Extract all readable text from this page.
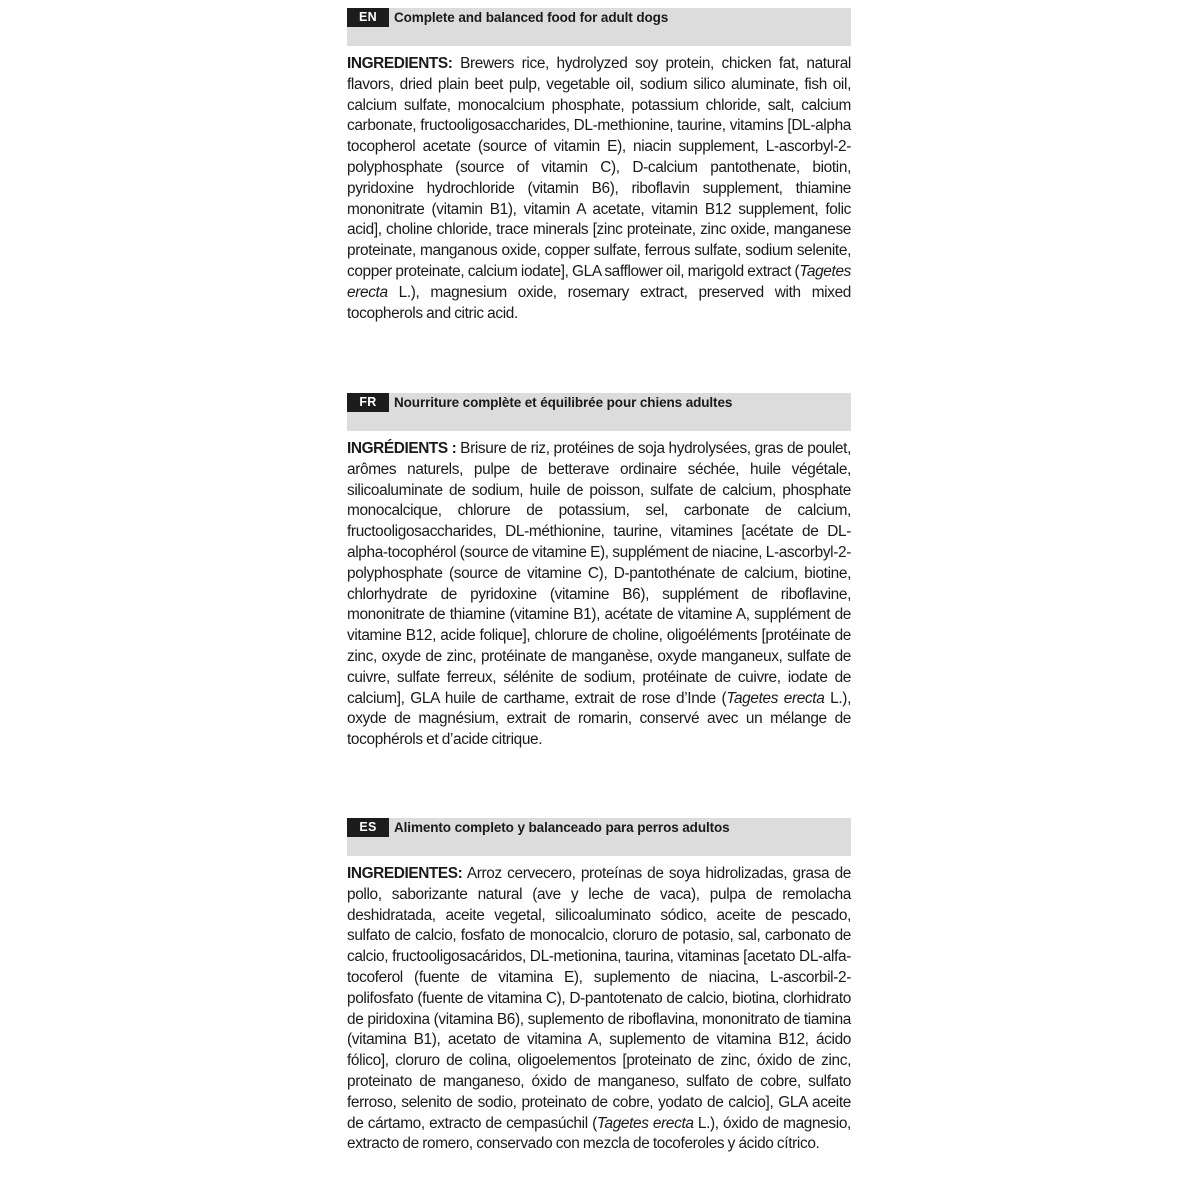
EN	Complete and balanced food for adult dogs

INGREDIENTS: Brewers rice, hydrolyzed soy protein, chicken fat, natural flavors, dried plain beet pulp, vegetable oil, sodium silico aluminate, fish oil, calcium sulfate, monocalcium phosphate, potassium chloride, salt, calcium carbonate, fructooligosaccharides, DL-methionine, taurine, vitamins [DL-alpha tocopherol acetate (source of vitamin E), niacin supplement, L-ascorbyl-2-polyphosphate (source of vitamin C), D-calcium pantothenate, biotin, pyridoxine hydrochloride (vitamin B6), riboflavin supplement, thiamine mononitrate (vitamin B1), vitamin A acetate, vitamin B12 supplement, folic acid], choline chloride, trace minerals [zinc proteinate, zinc oxide, manganese proteinate, manganous oxide, copper sulfate, ferrous sulfate, sodium selenite, copper proteinate, calcium iodate], GLA safflower oil, marigold extract (Tagetes erecta L.), magnesium oxide, rosemary extract, preserved with mixed tocopherols and citric acid.

FR	Nourriture complète et équilibrée pour chiens adultes

INGRÉDIENTS : Brisure de riz, protéines de soja hydrolysées, gras de poulet, arômes naturels, pulpe de betterave ordinaire séchée, huile végétale, silicoaluminate de sodium, huile de poisson, sulfate de calcium, phosphate monocalcique, chlorure de potassium, sel, carbonate de calcium, fructooligosaccharides, DL-méthionine, taurine, vitamines [acétate de DL-alpha-tocophérol (source de vitamine E), supplément de niacine, L-ascorbyl-2-polyphosphate (source de vitamine C), D-pantothénate de calcium, biotine, chlorhydrate de pyridoxine (vitamine B6), supplément de riboflavine, mononitrate de thiamine (vitamine B1), acétate de vitamine A, supplément de vitamine B12, acide folique], chlorure de choline, oligoéléments [protéinate de zinc, oxyde de zinc, protéinate de manganèse, oxyde manganeux, sulfate de cuivre, sulfate ferreux, sélénite de sodium, protéinate de cuivre, iodate de calcium], GLA huile de carthame, extrait de rose d’Inde (Tagetes erecta L.), oxyde de magnésium, extrait de romarin, conservé avec un mélange de tocophérols et d’acide citrique.

ES	Alimento completo y balanceado para perros adultos

INGREDIENTES: Arroz cervecero, proteínas de soya hidrolizadas, grasa de pollo, saborizante natural (ave y leche de vaca), pulpa de remolacha deshidratada, aceite vegetal, silicoaluminato sódico, aceite de pescado, sulfato de calcio, fosfato de monocalcio, cloruro de potasio, sal, carbonato de calcio, fructooligosacáridos, DL-metionina, taurina, vitaminas [acetato DL-alfa-tocoferol (fuente de vitamina E), suplemento de niacina, L-ascorbil-2-polifosfato (fuente de vitamina C), D-pantotenato de calcio, biotina, clorhidrato de piridoxina (vitamina B6), suplemento de riboflavina, mononitrato de tiamina (vitamina B1), acetato de vitamina A, suplemento de vitamina B12, ácido fólico], cloruro de colina, oligoelementos [proteinato de zinc, óxido de zinc, proteinato de manganeso, óxido de manganeso, sulfato de cobre, sulfato ferroso, selenito de sodio, proteinato de cobre, yodato de calcio], GLA aceite de cártamo, extracto de cempasúchil (Tagetes erecta L.), óxido de magnesio, extracto de romero, conservado con mezcla de tocoferoles y ácido cítrico.
